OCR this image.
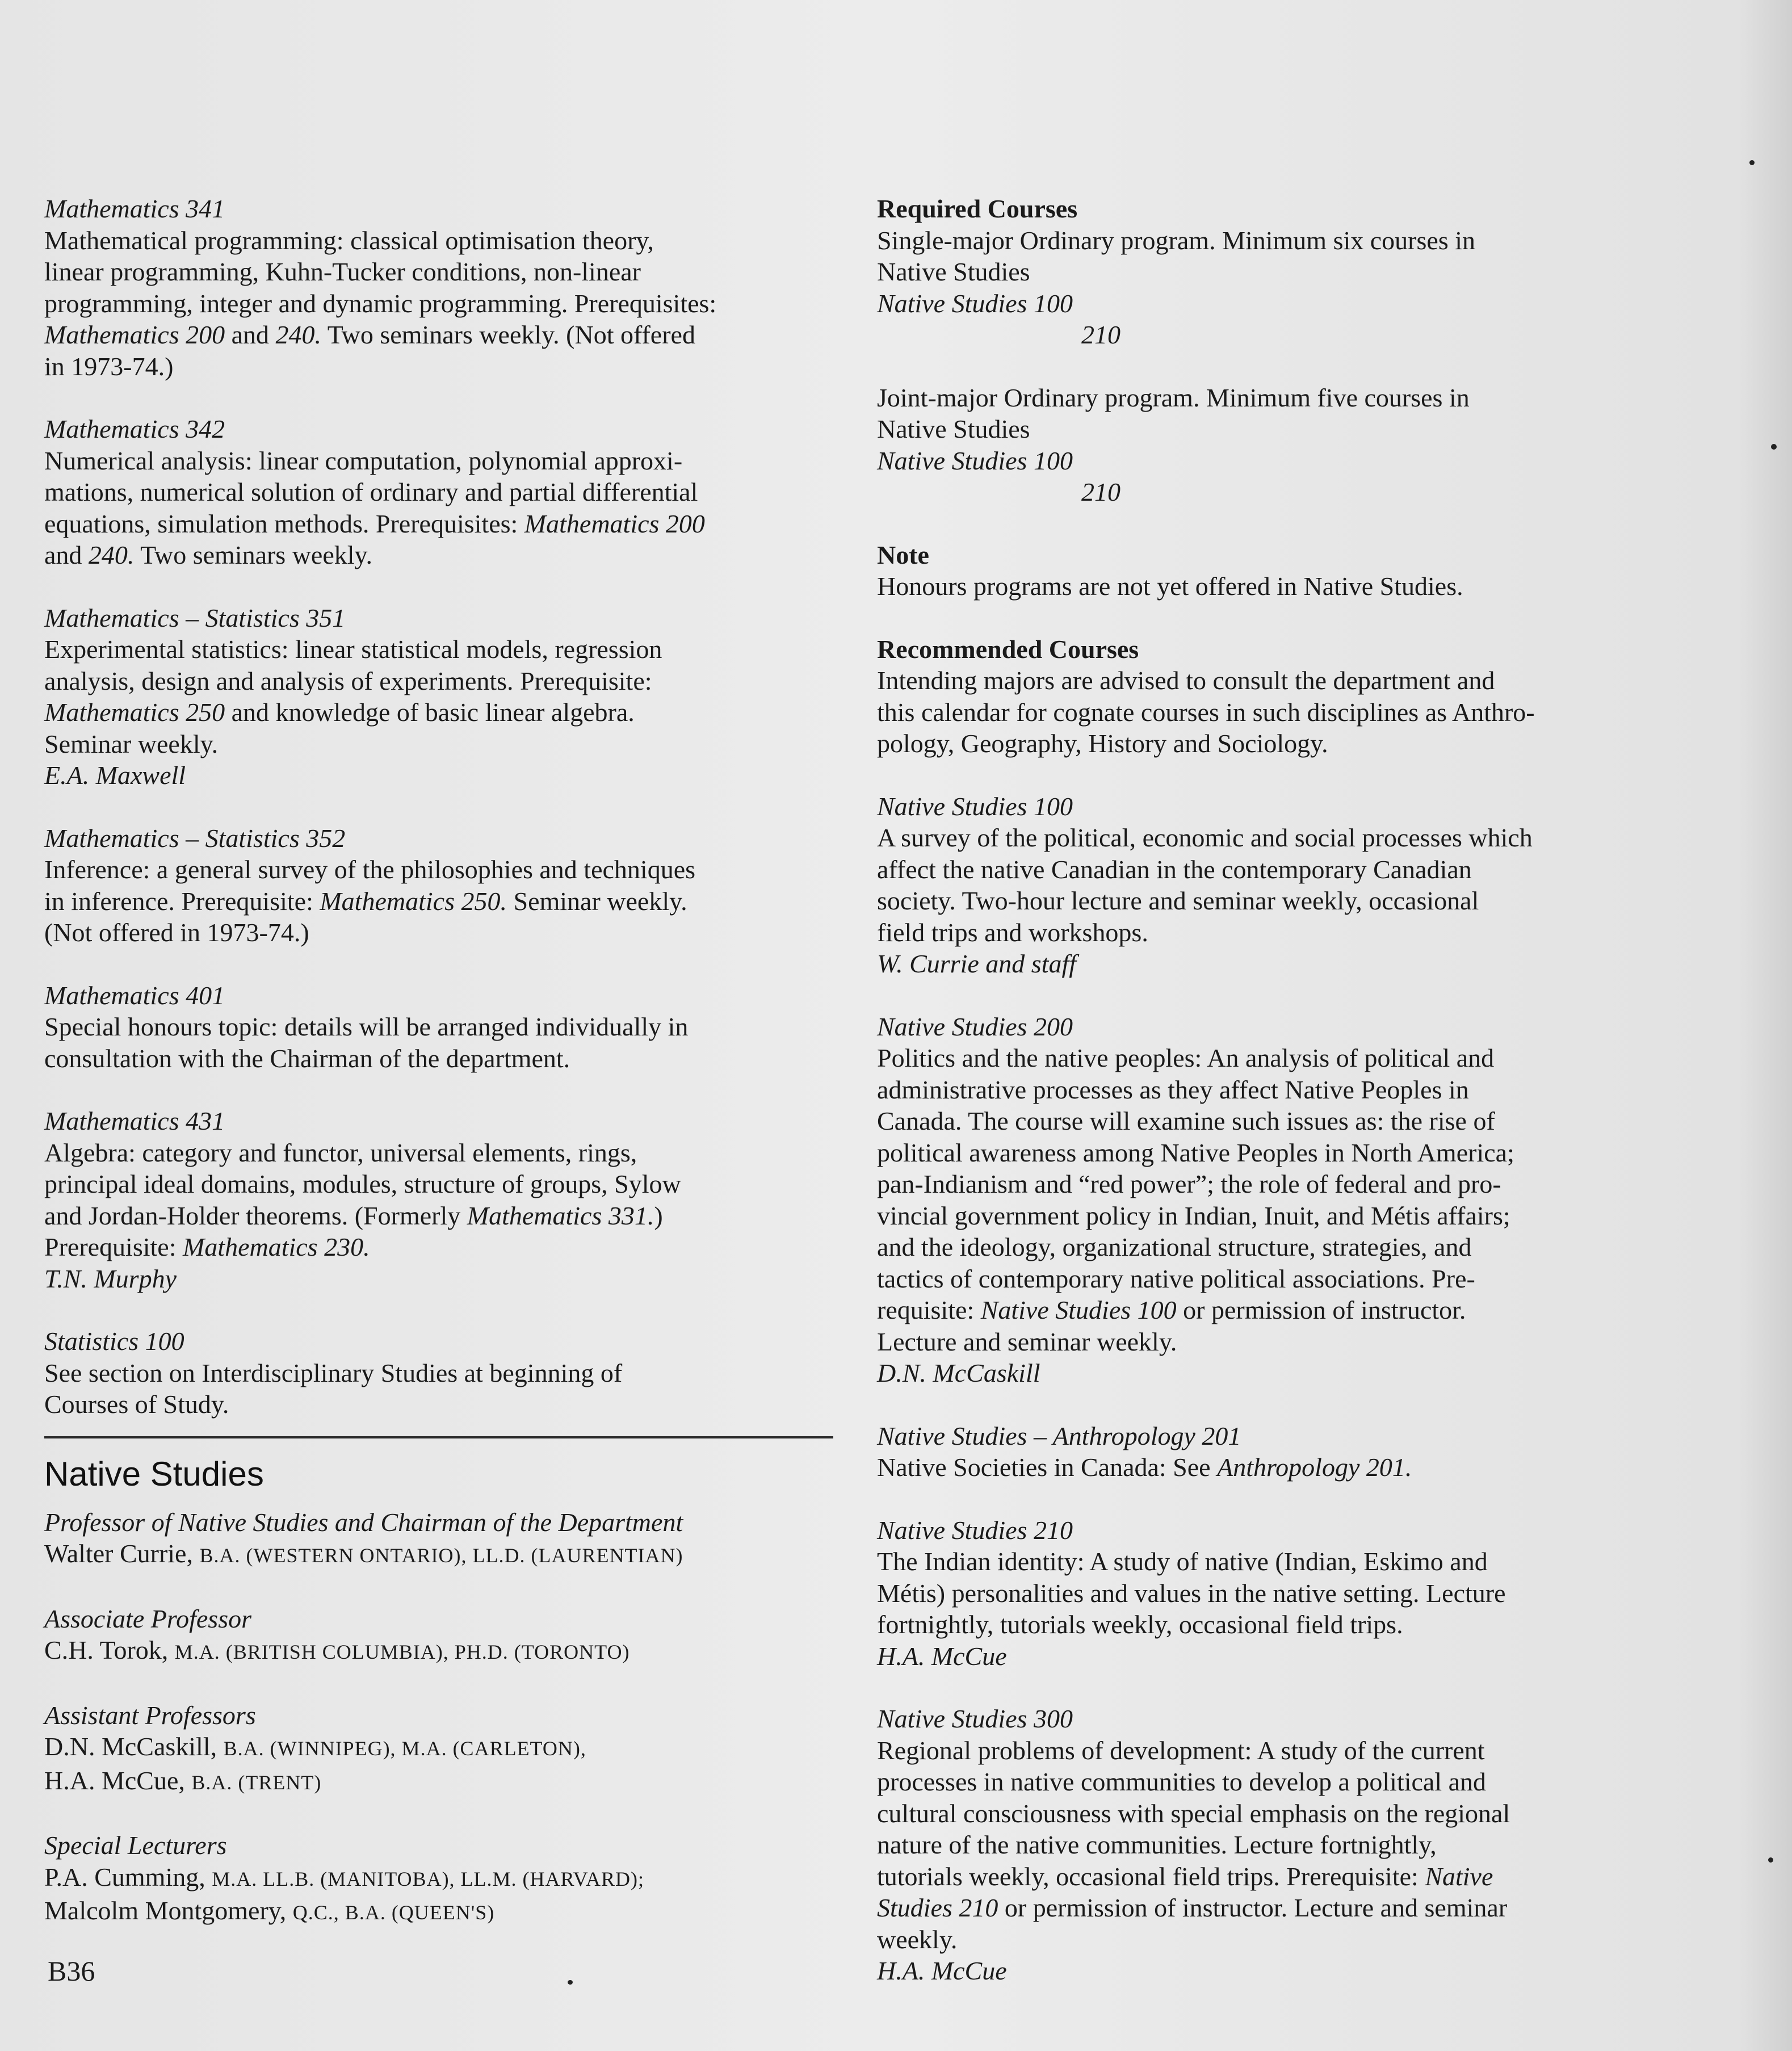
Mathematics 341
Mathematical programming: classical optimisation theory,
linear programming, Kuhn-Tucker conditions, non-linear
programming, integer and dynamic programming. Prerequisites:
Mathematics 200 and 240. Two seminars weekly. (Not offered
in 1973-74.)
Mathematics 342
Numerical analysis: linear computation, polynomial approxi-
mations, numerical solution of ordinary and partial differential
equations, simulation methods. Prerequisites: Mathematics 200
and 240. Two seminars weekly.
Mathematics – Statistics 351
Experimental statistics: linear statistical models, regression
analysis, design and analysis of experiments. Prerequisite:
Mathematics 250 and knowledge of basic linear algebra.
Seminar weekly.
E.A. Maxwell
Mathematics – Statistics 352
Inference: a general survey of the philosophies and techniques
in inference. Prerequisite: Mathematics 250. Seminar weekly.
(Not offered in 1973-74.)
Mathematics 401
Special honours topic: details will be arranged individually in
consultation with the Chairman of the department.
Mathematics 431
Algebra: category and functor, universal elements, rings,
principal ideal domains, modules, structure of groups, Sylow
and Jordan-Holder theorems. (Formerly Mathematics 331.)
Prerequisite: Mathematics 230.
T.N. Murphy
Statistics 100
See section on Interdisciplinary Studies at beginning of
Courses of Study.
Native Studies
Professor of Native Studies and Chairman of the Department
Walter Currie, B.A. (WESTERN ONTARIO), LL.D. (LAURENTIAN)
Associate Professor
C.H. Torok, M.A. (BRITISH COLUMBIA), PH.D. (TORONTO)
Assistant Professors
D.N. McCaskill, B.A. (WINNIPEG), M.A. (CARLETON),
H.A. McCue, B.A. (TRENT)
Special Lecturers
P.A. Cumming, M.A. LL.B. (MANITOBA), LL.M. (HARVARD);
Malcolm Montgomery, Q.C., B.A. (QUEEN'S)
Required Courses
Single-major Ordinary program. Minimum six courses in
Native Studies
Native Studies 100
210
Joint-major Ordinary program. Minimum five courses in
Native Studies
Native Studies 100
210
Note
Honours programs are not yet offered in Native Studies.
Recommended Courses
Intending majors are advised to consult the department and
this calendar for cognate courses in such disciplines as Anthro-
pology, Geography, History and Sociology.
Native Studies 100
A survey of the political, economic and social processes which
affect the native Canadian in the contemporary Canadian
society. Two-hour lecture and seminar weekly, occasional
field trips and workshops.
W. Currie and staff
Native Studies 200
Politics and the native peoples: An analysis of political and
administrative processes as they affect Native Peoples in
Canada. The course will examine such issues as: the rise of
political awareness among Native Peoples in North America;
pan-Indianism and “red power”; the role of federal and pro-
vincial government policy in Indian, Inuit, and Métis affairs;
and the ideology, organizational structure, strategies, and
tactics of contemporary native political associations. Pre-
requisite: Native Studies 100 or permission of instructor.
Lecture and seminar weekly.
D.N. McCaskill
Native Studies – Anthropology 201
Native Societies in Canada: See Anthropology 201.
Native Studies 210
The Indian identity: A study of native (Indian, Eskimo and
Métis) personalities and values in the native setting. Lecture
fortnightly, tutorials weekly, occasional field trips.
H.A. McCue
Native Studies 300
Regional problems of development: A study of the current
processes in native communities to develop a political and
cultural consciousness with special emphasis on the regional
nature of the native communities. Lecture fortnightly,
tutorials weekly, occasional field trips. Prerequisite: Native
Studies 210 or permission of instructor. Lecture and seminar
weekly.
H.A. McCue
B36
